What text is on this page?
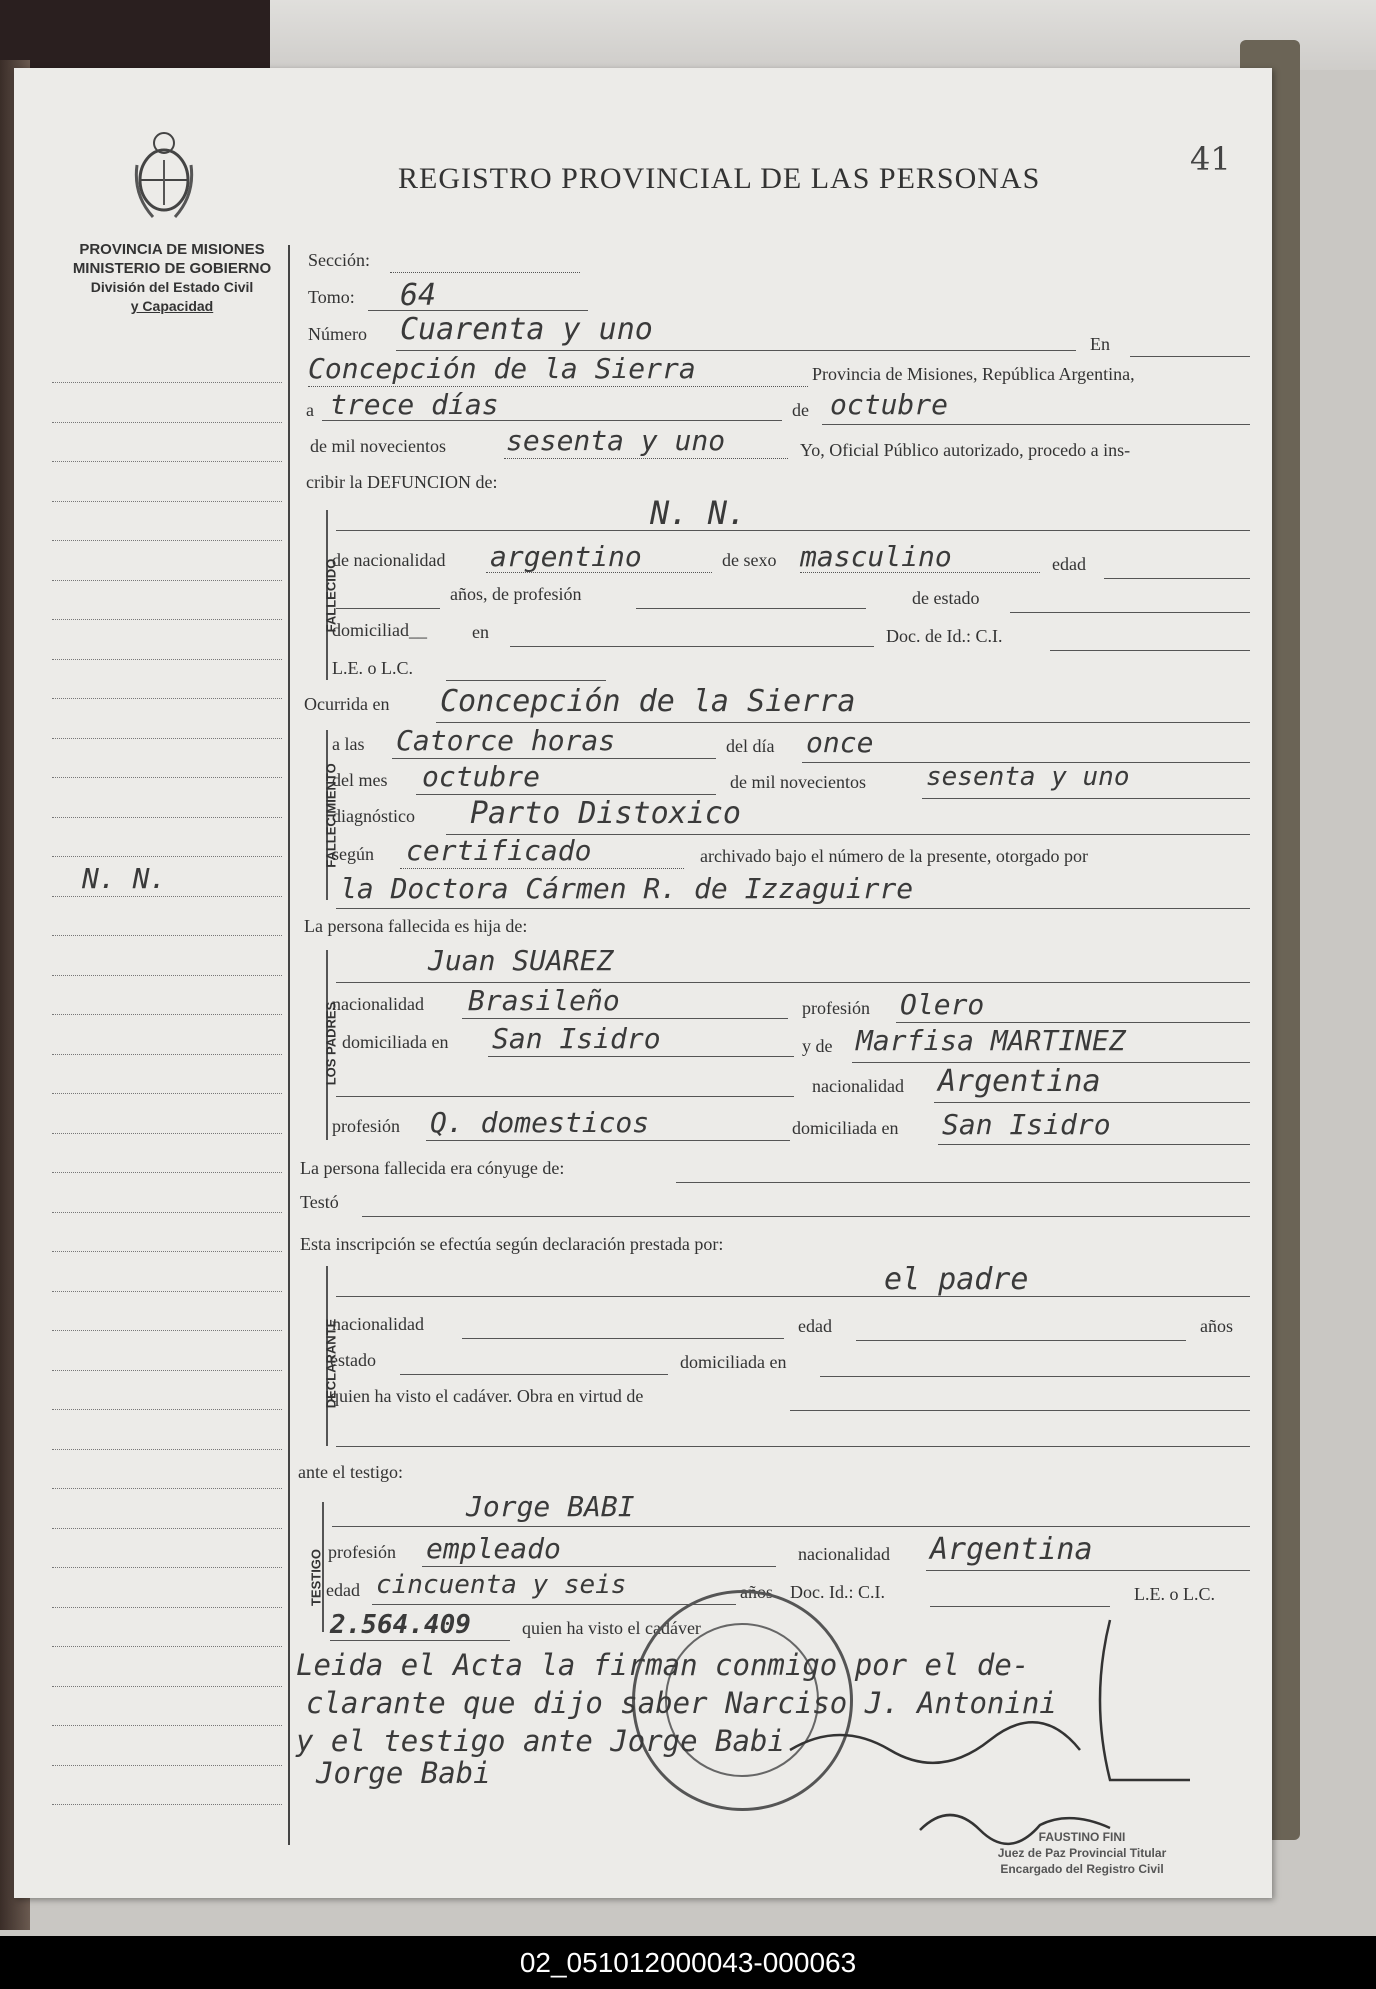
REGISTRO PROVINCIAL DE LAS PERSONAS
41
PROVINCIA DE MISIONES
MINISTERIO DE GOBIERNO
División del Estado Civil
y Capacidad
N. N.
Sección:
Tomo: 64
Número Cuarenta y uno	En
Concepción de la Sierra	Provincia de Misiones, República Argentina,
a trece días	de octubre
de mil novecientos sesenta y uno	Yo, Oficial Público autorizado, procedo a ins-
cribir la DEFUNCION de:
FALLECIDO
N. N.
de nacionalidad argentino	de sexo masculino	edad
años, de profesión	de estado
domiciliad__	en	Doc. de Id.: C.I.
L.E. o L.C.
Ocurrida en Concepción de la Sierra
FALLECIMIENTO
a las Catorce horas	del día once
del mes octubre	de mil novecientos sesenta y uno
diagnóstico Parto Distoxico
según certificado	archivado bajo el número de la presente, otorgado por
la Doctora Cármen R. de Izzaguirre
La persona fallecida es hija de:
LOS PADRES
Juan SUAREZ
nacionalidad Brasileño	profesión Olero
domiciliada en San Isidro	y de Marfisa MARTINEZ
nacionalidad Argentina
profesión Q. domesticos	domiciliada en San Isidro
La persona fallecida era cónyuge de:
Testó
Esta inscripción se efectúa según declaración prestada por:
DECLARANTE
el padre
nacionalidad	edad	años
estado	domiciliada en
quien ha visto el cadáver. Obra en virtud de
ante el testigo:
TESTIGO
Jorge BABI
profesión empleado	nacionalidad Argentina
edad cincuenta y seis	años Doc. Id.: C.I.	L.E. o L.C.
2.564.409	quien ha visto el cadáver
Leida el Acta la firman conmigo por el de-
clarante que dijo saber Narciso J. Antonini
y el testigo ante Jorge Babi
Jorge Babi
FAUSTINO FINI
Juez de Paz Provincial Titular
Encargado del Registro Civil
02_051012000043-000063
